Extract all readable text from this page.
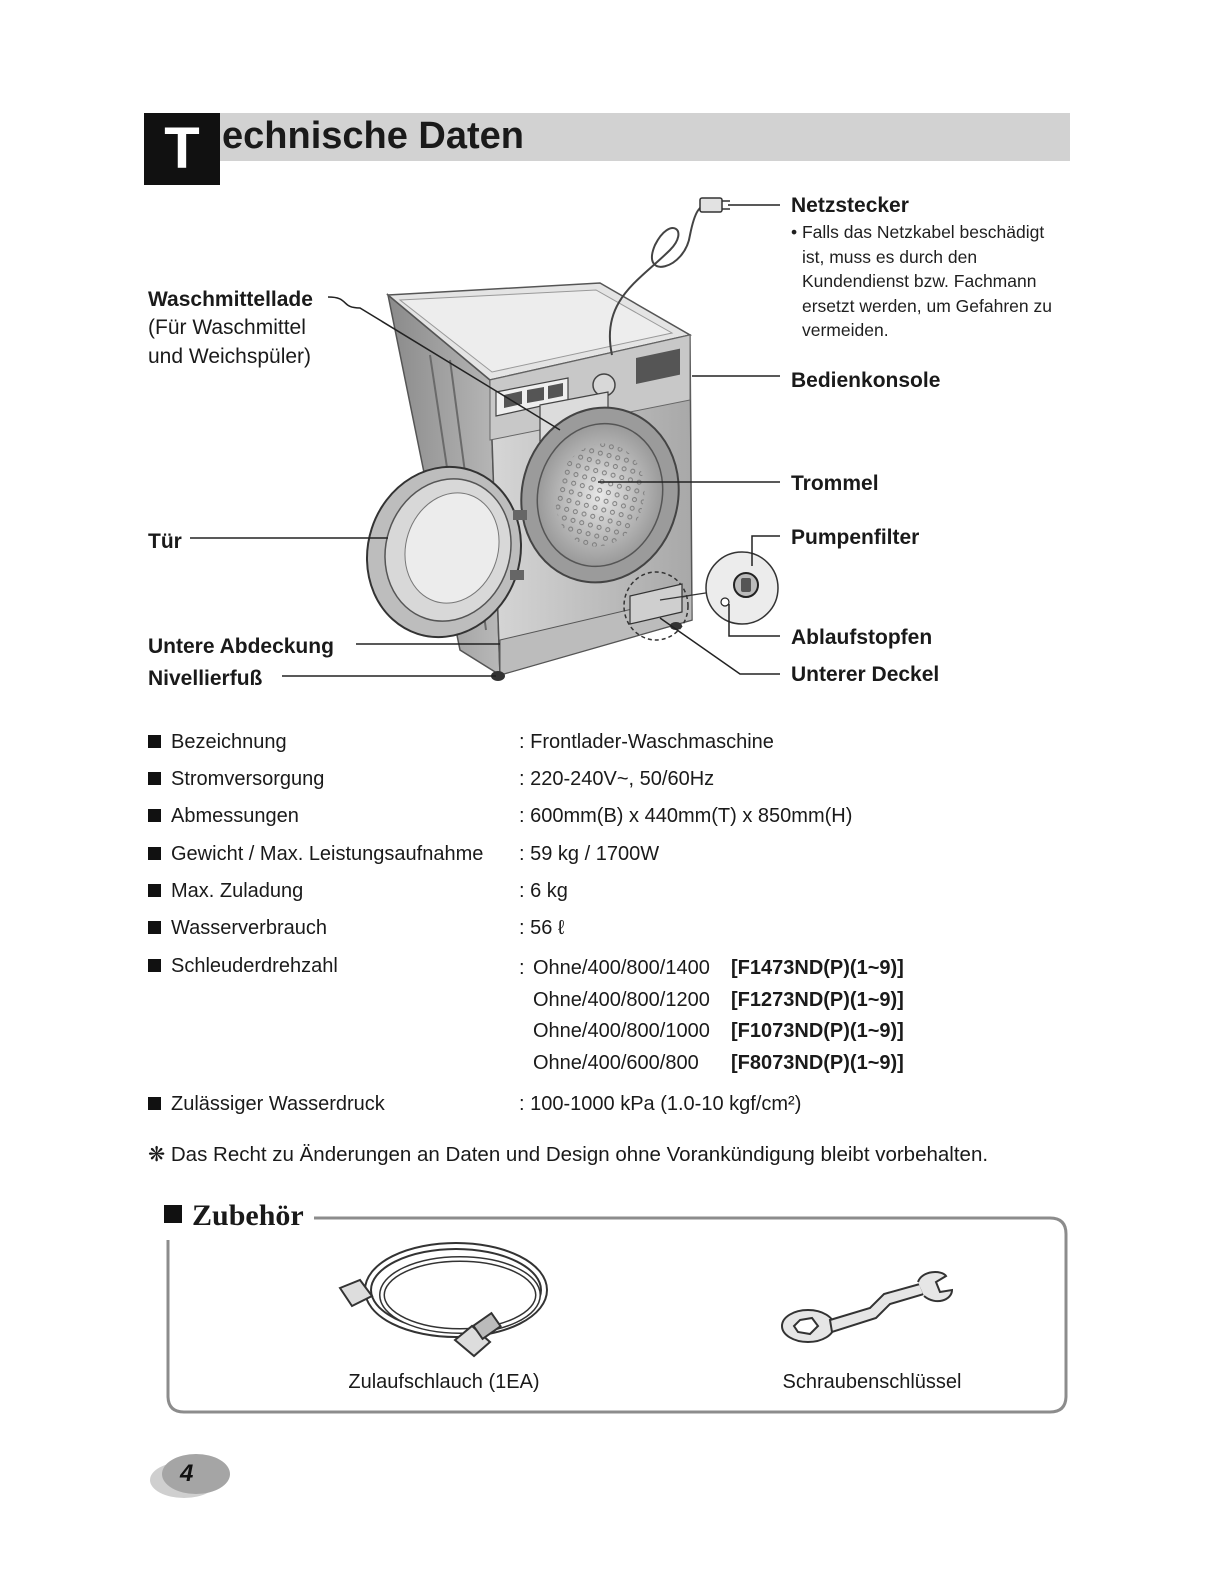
T echnische Daten
Netzstecker
• Falls das Netzkabel beschädigt
ist, muss es durch den
Kundendienst bzw. Fachmann
ersetzt werden, um Gefahren zu
vermeiden.
Waschmittellade
(Für Waschmittel
und Weichspüler)
Bedienkonsole
Trommel
Tür	Pumpenfilter
Ablaufstopfen
Untere Abdeckung
Nivellierfuß	Unterer Deckel
Bezeichnung	: Frontlader-Waschmaschine
Stromversorgung	: 220-240V~, 50/60Hz
Abmessungen	: 600mm(B) x 440mm(T) x 850mm(H)
Gewicht / Max. Leistungsaufnahme : 59 kg / 1700W
Max. Zuladung	: 6 kg
Wasserverbrauch	: 56 ℓ
Schleuderdrehzahl	: Ohne/400/800/1400 [F1473ND(P)(1~9)]
Ohne/400/800/1200 [F1273ND(P)(1~9)]
Ohne/400/800/1000 [F1073ND(P)(1~9)]
Ohne/400/600/800 [F8073ND(P)(1~9)]
Zulässiger Wasserdruck	: 100-1000 kPa (1.0-10 kgf/cm²)
❋ Das Recht zu Änderungen an Daten und Design ohne Vorankündigung bleibt vorbehalten.
Zubehör
Zulaufschlauch (1EA)	Schraubenschlüssel
4
